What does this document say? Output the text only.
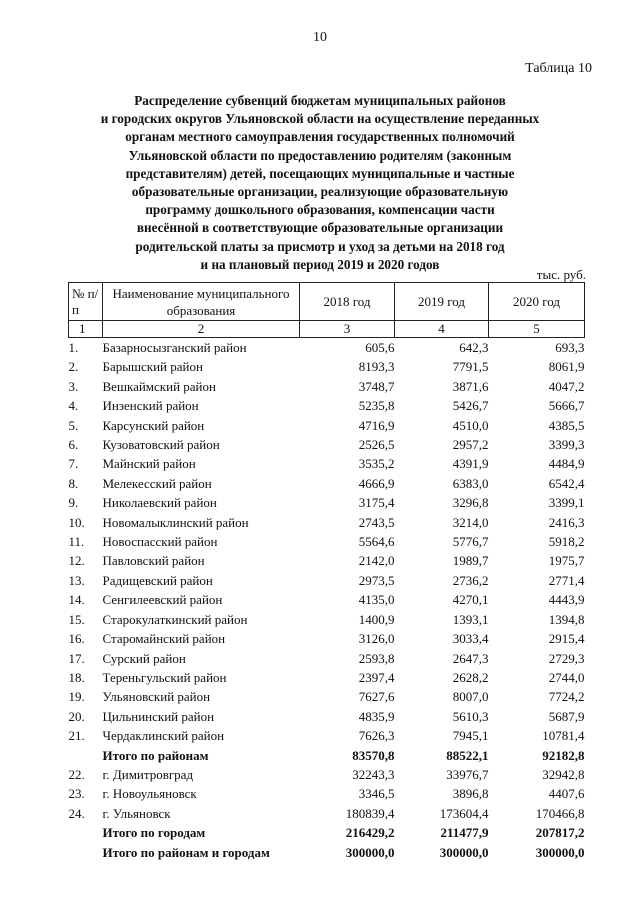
10
Таблица 10
Распределение субвенций бюджетам муниципальных районов
и городских округов Ульяновской области на осуществление переданных
органам местного самоуправления государственных полномочий
Ульяновской области по предоставлению родителям (законным
представителям) детей, посещающих муниципальные и частные
образовательные организации, реализующие образовательную
программу дошкольного образования, компенсации части
внесённой в соответствующие образовательные организации
родительской платы за присмотр и уход за детьми на 2018 год
и на плановый период 2019 и 2020 годов
тыс. руб.
№ п/п	Наименование муниципального образования	2018 год	2019 год	2020 год
1	2	3	4	5
1.	Базарносызганский район	605,6	642,3	693,3
2.	Барышский район	8193,3	7791,5	8061,9
3.	Вешкаймский район	3748,7	3871,6	4047,2
4.	Инзенский район	5235,8	5426,7	5666,7
5.	Карсунский район	4716,9	4510,0	4385,5
6.	Кузоватовский район	2526,5	2957,2	3399,3
7.	Майнский район	3535,2	4391,9	4484,9
8.	Мелекесский район	4666,9	6383,0	6542,4
9.	Николаевский район	3175,4	3296,8	3399,1
10.	Новомалыклинский район	2743,5	3214,0	2416,3
11.	Новоспасский район	5564,6	5776,7	5918,2
12.	Павловский район	2142,0	1989,7	1975,7
13.	Радищевский район	2973,5	2736,2	2771,4
14.	Сенгилеевский район	4135,0	4270,1	4443,9
15.	Старокулаткинский район	1400,9	1393,1	1394,8
16.	Старомайнский район	3126,0	3033,4	2915,4
17.	Сурский район	2593,8	2647,3	2729,3
18.	Тереньгульский район	2397,4	2628,2	2744,0
19.	Ульяновский район	7627,6	8007,0	7724,2
20.	Цильнинский район	4835,9	5610,3	5687,9
21.	Чердаклинский район	7626,3	7945,1	10781,4
	Итого по районам	83570,8	88522,1	92182,8
22.	г. Димитровград	32243,3	33976,7	32942,8
23.	г. Новоульяновск	3346,5	3896,8	4407,6
24.	г. Ульяновск	180839,4	173604,4	170466,8
	Итого по городам	216429,2	211477,9	207817,2
	Итого по районам и городам	300000,0	300000,0	300000,0
